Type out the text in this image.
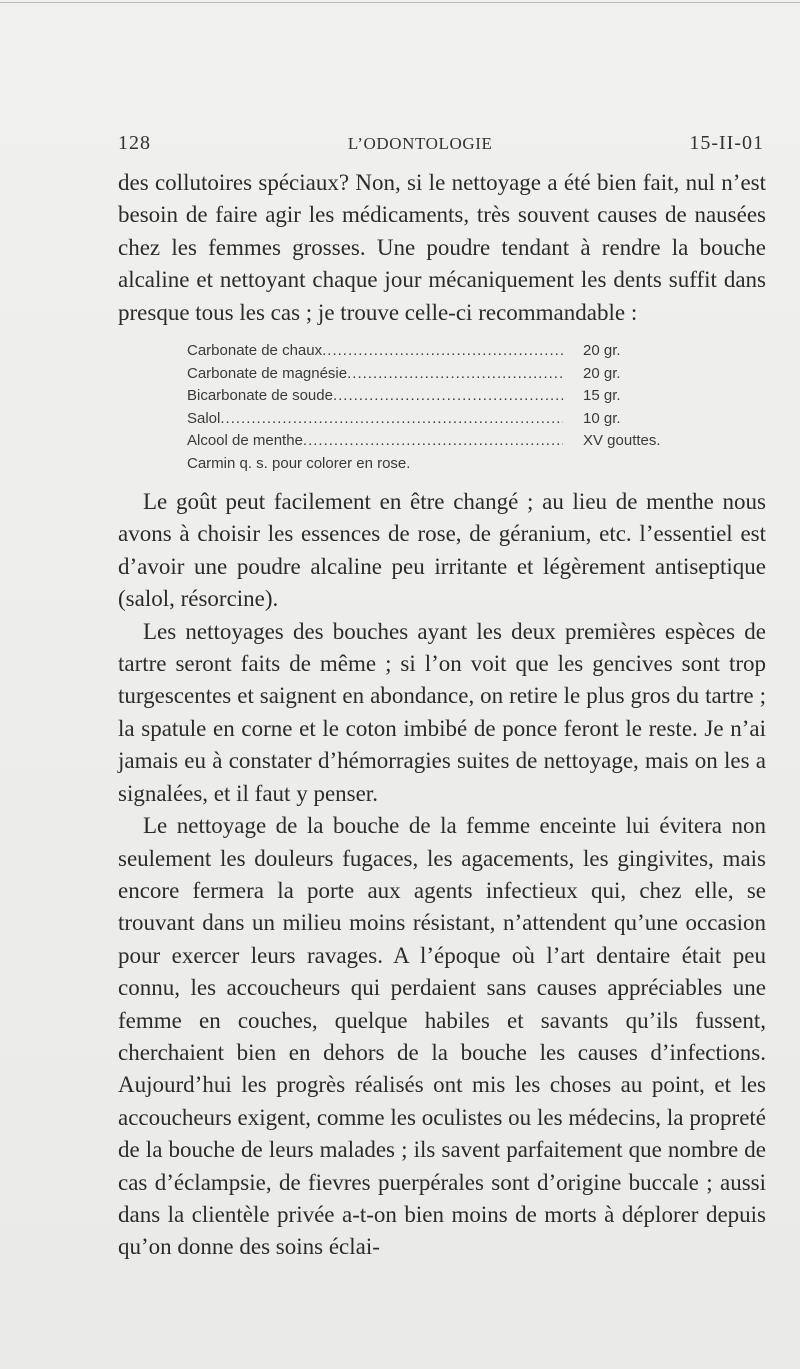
128	L’ODONTOLOGIE	15-II-01

des collutoires spéciaux? Non, si le nettoyage a été bien fait, nul n’est besoin de faire agir les médicaments, très souvent causes de nausées chez les femmes grosses. Une poudre tendant à rendre la bouche alcaline et nettoyant chaque jour mécaniquement les dents suffit dans presque tous les cas ; je trouve celle-ci recommandable :

Carbonate de chaux .....	20 gr.
Carbonate de magnésie .....	20 gr.
Bicarbonate de soude .....	15 gr.
Salol .....	10 gr.
Alcool de menthe .....	XV gouttes.
Carmin q. s. pour colorer en rose.

Le goût peut facilement en être changé ; au lieu de menthe nous avons à choisir les essences de rose, de géranium, etc. l’essentiel est d’avoir une poudre alcaline peu irritante et légèrement antiseptique (salol, résorcine).

Les nettoyages des bouches ayant les deux premières espèces de tartre seront faits de même ; si l’on voit que les gencives sont trop turgescentes et saignent en abondance, on retire le plus gros du tartre ; la spatule en corne et le coton imbibé de ponce feront le reste. Je n’ai jamais eu à constater d’hémorragies suites de nettoyage, mais on les a signalées, et il faut y penser.

Le nettoyage de la bouche de la femme enceinte lui évitera non seulement les douleurs fugaces, les agacements, les gingivites, mais encore fermera la porte aux agents infectieux qui, chez elle, se trouvant dans un milieu moins résistant, n’attendent qu’une occasion pour exercer leurs ravages. A l’époque où l’art dentaire était peu connu, les accoucheurs qui perdaient sans causes appréciables une femme en couches, quelque habiles et savants qu’ils fussent, cherchaient bien en dehors de la bouche les causes d’infections. Aujourd’hui les progrès réalisés ont mis les choses au point, et les accoucheurs exigent, comme les oculistes ou les médecins, la propreté de la bouche de leurs malades ; ils savent parfaitement que nombre de cas d’éclampsie, de fievres puerpérales sont d’origine buccale ; aussi dans la clientèle privée a-t-on bien moins de morts à déplorer depuis qu’on donne des soins éclai-
